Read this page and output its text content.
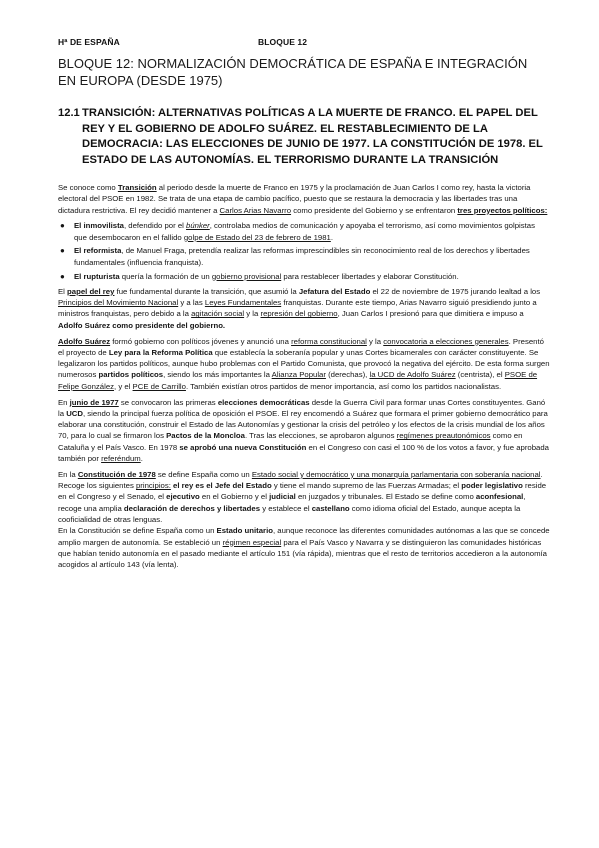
Hª DE ESPAÑA	BLOQUE 12
BLOQUE 12: NORMALIZACIÓN DEMOCRÁTICA DE ESPAÑA E INTEGRACIÓN EN EUROPA (DESDE 1975)
12.1 TRANSICIÓN: ALTERNATIVAS POLÍTICAS A LA MUERTE DE FRANCO. EL PAPEL DEL REY Y EL GOBIERNO DE ADOLFO SUÁREZ. EL RESTABLECIMIENTO DE LA DEMOCRACIA: LAS ELECCIONES DE JUNIO DE 1977. LA CONSTITUCIÓN DE 1978. EL ESTADO DE LAS AUTONOMÍAS. EL TERRORISMO DURANTE LA TRANSICIÓN

Se conoce como Transición al periodo desde la muerte de Franco en 1975 y la proclamación de Juan Carlos I como rey, hasta la victoria electoral del PSOE en 1982. Se trata de una etapa de cambio pacífico, puesto que se restaura la democracia y las libertades tras una dictadura restrictiva. El rey decidió mantener a Carlos Arias Navarro como presidente del Gobierno y se enfrentaron tres proyectos políticos:

● El inmovilista, defendido por el búnker, controlaba medios de comunicación y apoyaba el terrorismo, así como movimientos golpistas que desembocaron en el fallido golpe de Estado del 23 de febrero de 1981.
● El reformista, de Manuel Fraga, pretendía realizar las reformas imprescindibles sin reconocimiento real de los derechos y libertades fundamentales (influencia franquista).
● El rupturista quería la formación de un gobierno provisional para restablecer libertades y elaborar Constitución.

El papel del rey fue fundamental durante la transición, que asumió la Jefatura del Estado el 22 de noviembre de 1975 jurando lealtad a los Principios del Movimiento Nacional y a las Leyes Fundamentales franquistas. Durante este tiempo, Arias Navarro siguió presidiendo junto a ministros franquistas, pero debido a la agitación social y la represión del gobierno, Juan Carlos I presionó para que dimitiera e impuso a Adolfo Suárez como presidente del gobierno.

Adolfo Suárez formó gobierno con políticos jóvenes y anunció una reforma constitucional y la convocatoria a elecciones generales. Presentó el proyecto de Ley para la Reforma Política que establecía la soberanía popular y unas Cortes bicamerales con carácter constituyente. Se legalizaron los partidos políticos, aunque hubo problemas con el Partido Comunista, que provocó la negativa del ejército. De esta forma surgen numerosos partidos políticos, siendo los más importantes la Alianza Popular (derechas), la UCD de Adolfo Suárez (centrista), el PSOE de Felipe González, y el PCE de Carrillo. También existían otros partidos de menor importancia, así como los partidos nacionalistas.

En junio de 1977 se convocaron las primeras elecciones democráticas desde la Guerra Civil para formar unas Cortes constituyentes. Ganó la UCD, siendo la principal fuerza política de oposición el PSOE. El rey encomendó a Suárez que formara el primer gobierno democrático para elaborar una constitución, construir el Estado de las Autonomías y gestionar la crisis del petróleo y los efectos de la crisis mundial de los años 70, para lo cual se firmaron los Pactos de la Moncloa. Tras las elecciones, se aprobaron algunos regímenes preautonómicos como en Cataluña y el País Vasco. En 1978 se aprobó una nueva Constitución en el Congreso con casi el 100 % de los votos a favor, y fue aprobada también por referéndum.

En la Constitución de 1978 se define España como un Estado social y democrático y una monarquía parlamentaria con soberanía nacional. Recoge los siguientes principios: el rey es el Jefe del Estado y tiene el mando supremo de las Fuerzas Armadas; el poder legislativo reside en el Congreso y el Senado, el ejecutivo en el Gobierno y el judicial en juzgados y tribunales. El Estado se define como aconfesional, recoge una amplia declaración de derechos y libertades y establece el castellano como idioma oficial del Estado, aunque acepta la cooficialidad de otras lenguas.

En la Constitución se define España como un Estado unitario, aunque reconoce las diferentes comunidades autónomas a las que se concede amplio margen de autonomía. Se estableció un régimen especial para el País Vasco y Navarra y se distinguieron las comunidades históricas que habían tenido autonomía en el pasado mediante el artículo 151 (vía rápida), mientras que el resto de territorios accedieron a la autonomía acogidos al artículo 143 (vía lenta).
